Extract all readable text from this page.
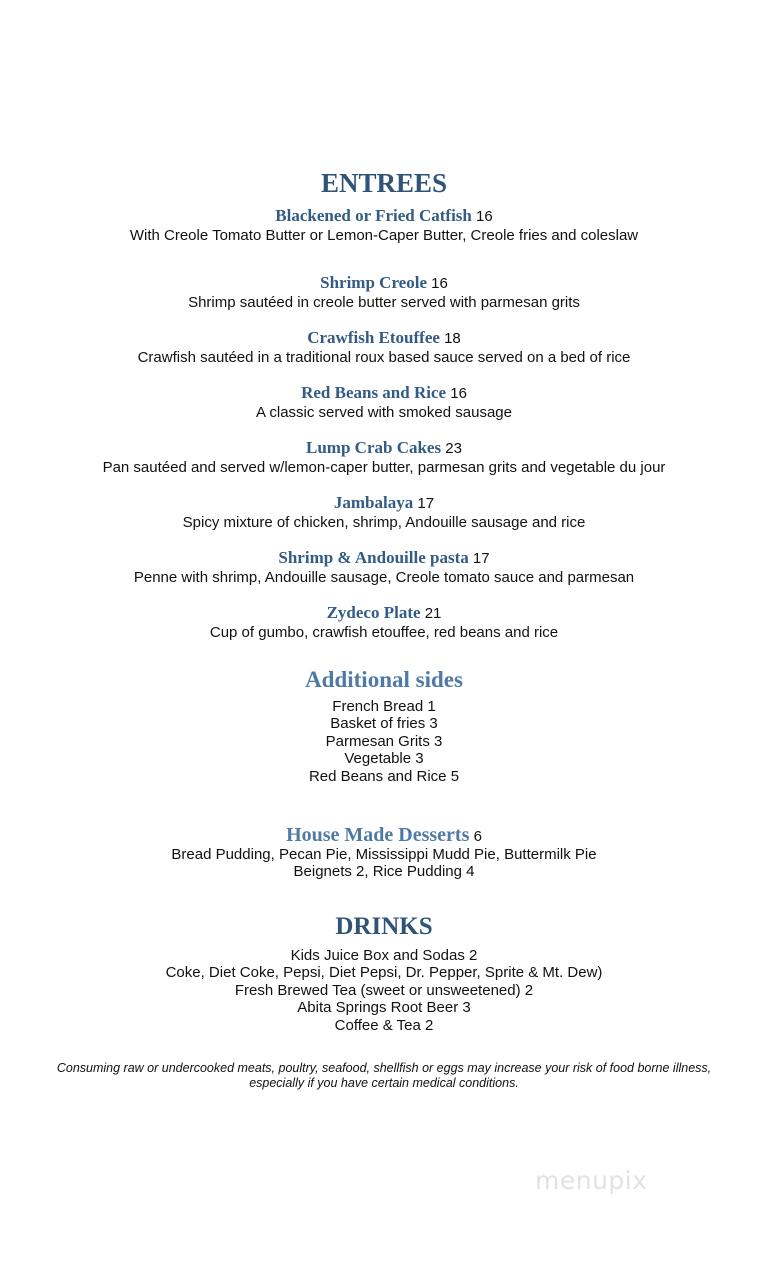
ENTREES
Blackened or Fried Catfish 16
With Creole Tomato Butter or Lemon-Caper Butter, Creole fries and coleslaw
Shrimp Creole 16
Shrimp sautéed in creole butter served with parmesan grits
Crawfish Etouffee 18
Crawfish sautéed in a traditional roux based sauce served on a bed of rice
Red Beans and Rice 16
A classic served with smoked sausage
Lump Crab Cakes 23
Pan sautéed and served w/lemon-caper butter, parmesan grits and vegetable du jour
Jambalaya 17
Spicy mixture of chicken, shrimp, Andouille sausage and rice
Shrimp & Andouille pasta 17
Penne with shrimp, Andouille sausage, Creole tomato sauce and parmesan
Zydeco Plate 21
Cup of gumbo, crawfish etouffee, red beans and rice
Additional sides
French Bread 1
Basket of fries 3
Parmesan Grits 3
Vegetable 3
Red Beans and Rice 5
House Made Desserts 6
Bread Pudding, Pecan Pie, Mississippi Mudd Pie, Buttermilk Pie
Beignets 2, Rice Pudding 4
DRINKS
Kids Juice Box and Sodas 2
Coke, Diet Coke, Pepsi, Diet Pepsi, Dr. Pepper, Sprite & Mt. Dew)
Fresh Brewed Tea (sweet or unsweetened) 2
Abita Springs Root Beer 3
Coffee & Tea 2
Consuming raw or undercooked meats, poultry, seafood, shellfish or eggs may increase your risk of food borne illness,
especially if you have certain medical conditions.
menupix
